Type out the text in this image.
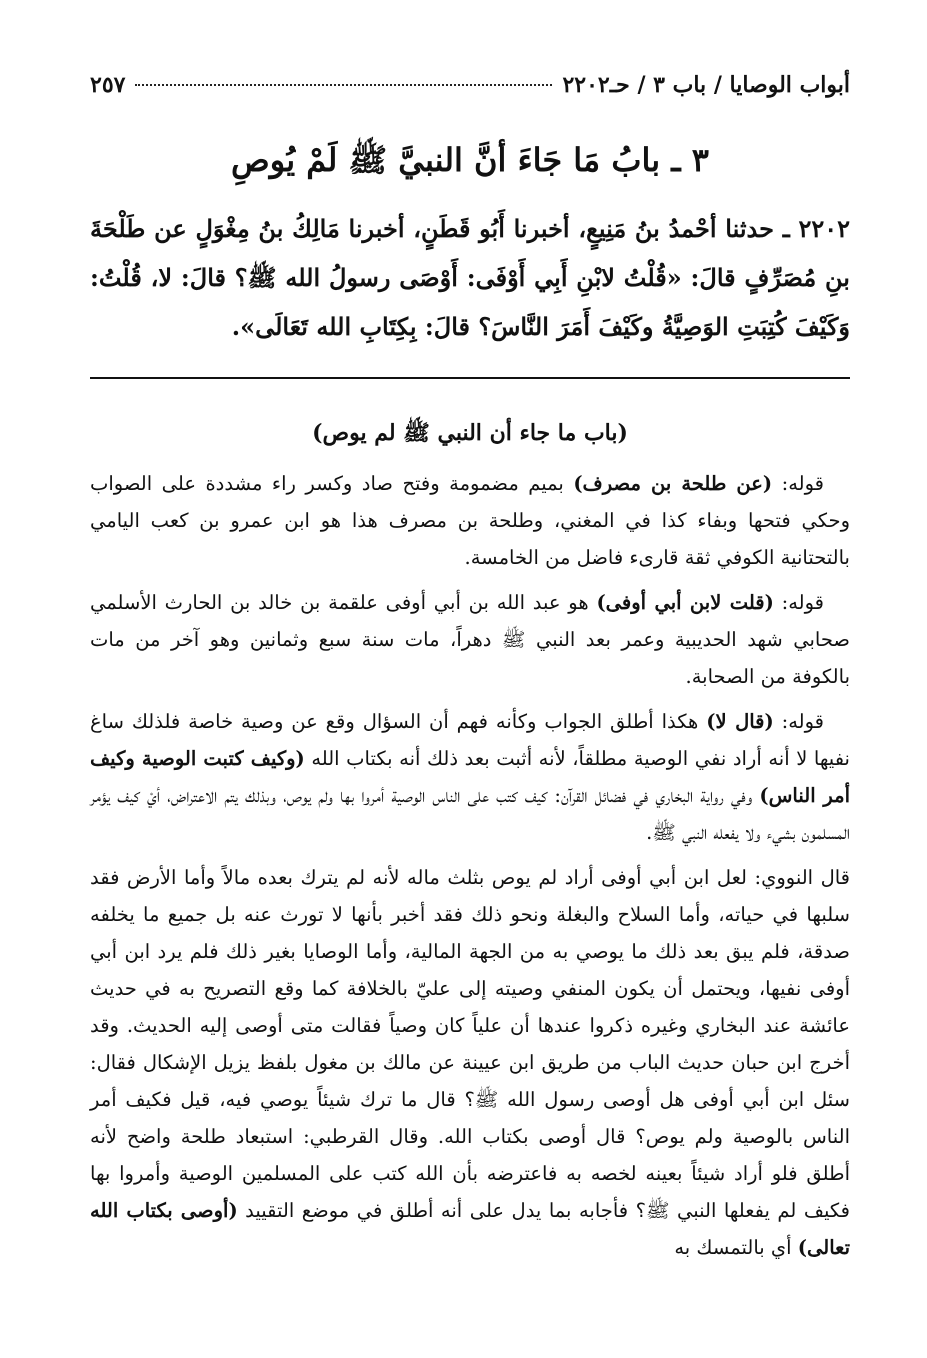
أبواب الوصايا / باب ٣ / حـ٢٢٠٢
٢٥٧
٣ ـ بابُ مَا جَاءَ أنَّ النبيَّ ﷺ لَمْ يُوصِ
٢٢٠٢ ـ حدثنا أحْمدُ بنُ مَنِيعٍ، أخبرنا أَبُو قَطَنٍ، أخبرنا مَالِكُ بنُ مِغْوَلٍ عن طَلْحَةَ بنِ مُصَرِّفٍ قالَ: «قُلْتُ لابْنِ أَبِي أَوْفَى: أَوْصَى رسولُ الله ﷺ؟ قالَ: لا، قُلْتُ: وَكَيْفَ كُتِبَتِ الوَصِيَّةُ وكَيْفَ أَمَرَ النَّاسَ؟ قالَ: بِكِتَابِ الله تَعَالَى».
(باب ما جاء أن النبي ﷺ لم يوص)

قوله: (عن طلحة بن مصرف) بميم مضمومة وفتح صاد وكسر راء مشددة على الصواب وحكي فتحها وبفاء كذا في المغني، وطلحة بن مصرف هذا هو ابن عمرو بن كعب اليامي بالتحتانية الكوفي ثقة قارىء فاضل من الخامسة.

قوله: (قلت لابن أبي أوفى) هو عبد الله بن أبي أوفى علقمة بن خالد بن الحارث الأسلمي صحابي شهد الحديبية وعمر بعد النبي ﷺ دهراً، مات سنة سبع وثمانين وهو آخر من مات بالكوفة من الصحابة.

قوله: (قال لا) هكذا أطلق الجواب وكأنه فهم أن السؤال وقع عن وصية خاصة فلذلك ساغ نفيها لا أنه أراد نفي الوصية مطلقاً، لأنه أثبت بعد ذلك أنه بكتاب الله (وكيف كتبت الوصية وكيف أمر الناس) وفي رواية البخاري في فضائل القرآن: كيف كتب على الناس الوصية أمروا بها ولم يوص، وبذلك يتم الاعتراض، أيْ كيف يؤمر المسلمون بشيء ولا يفعله النبي ﷺ.

قال النووي: لعل ابن أبي أوفى أراد لم يوص بثلث ماله لأنه لم يترك بعده مالاً وأما الأرض فقد سلبها في حياته، وأما السلاح والبغلة ونحو ذلك فقد أخبر بأنها لا تورث عنه بل جميع ما يخلفه صدقة، فلم يبق بعد ذلك ما يوصي به من الجهة المالية، وأما الوصايا بغير ذلك فلم يرد ابن أبي أوفى نفيها، ويحتمل أن يكون المنفي وصيته إلى عليّ بالخلافة كما وقع التصريح به في حديث عائشة عند البخاري وغيره ذكروا عندها أن علياً كان وصياً فقالت متى أوصى إليه الحديث. وقد أخرج ابن حبان حديث الباب من طريق ابن عيينة عن مالك بن مغول بلفظ يزيل الإشكال فقال: سئل ابن أبي أوفى هل أوصى رسول الله ﷺ؟ قال ما ترك شيئاً يوصي فيه، قيل فكيف أمر الناس بالوصية ولم يوص؟ قال أوصى بكتاب الله. وقال القرطبي: استبعاد طلحة واضح لأنه أطلق فلو أراد شيئاً بعينه لخصه به فاعترضه بأن الله كتب على المسلمين الوصية وأمروا بها فكيف لم يفعلها النبي ﷺ؟ فأجابه بما يدل على أنه أطلق في موضع التقييد (أوصى بكتاب الله تعالى) أي بالتمسك به
